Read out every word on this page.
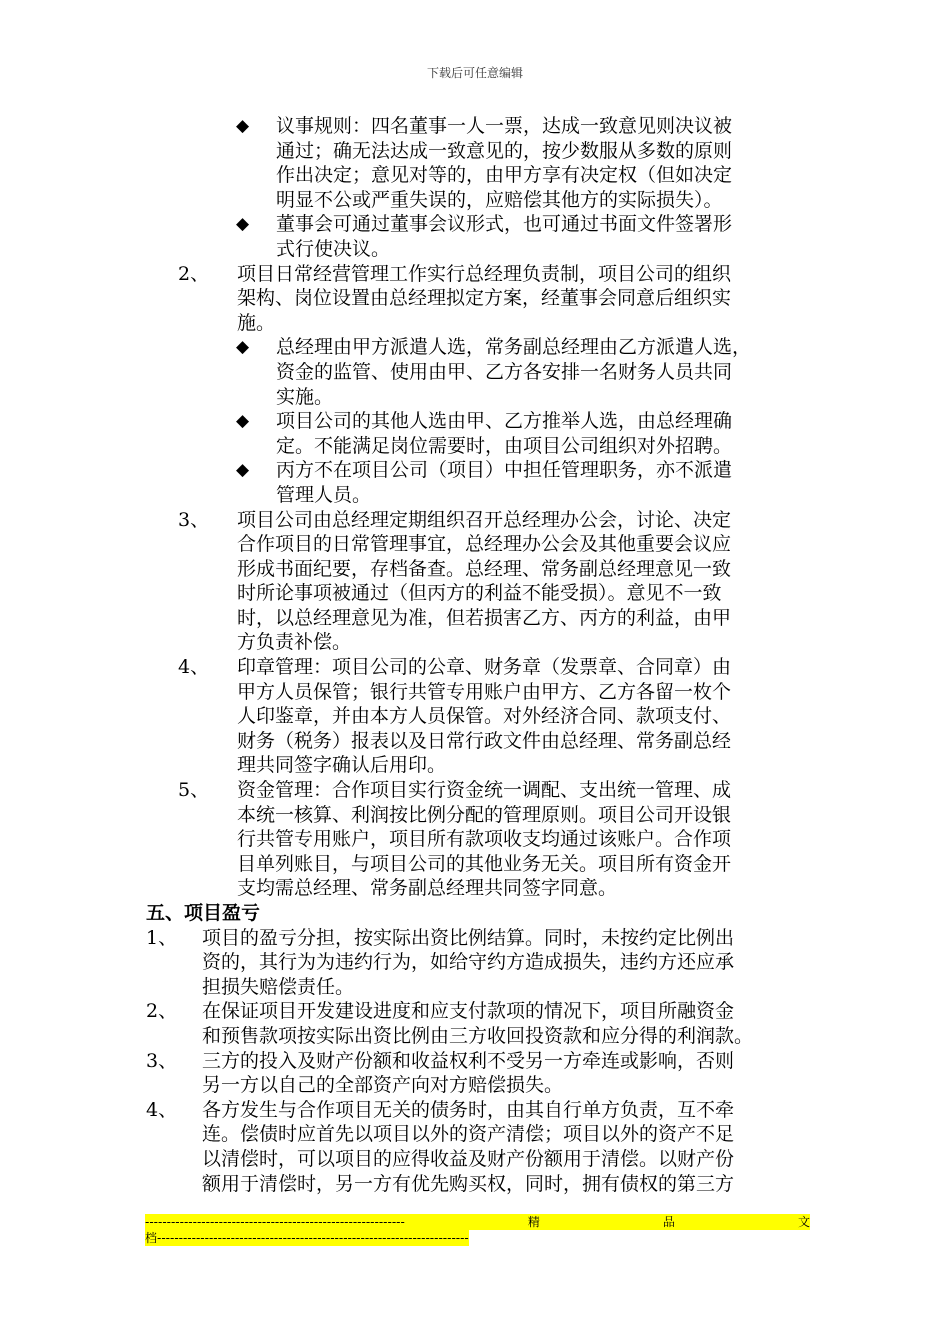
下载后可任意编辑
◆ 议事规则：四名董事一人一票，达成一致意见则决议被
通过；确无法达成一致意见的，按少数服从多数的原则
作出决定；意见对等的，由甲方享有决定权（但如决定
明显不公或严重失误的，应赔偿其他方的实际损失）。
◆ 董事会可通过董事会议形式，也可通过书面文件签署形
式行使决议。
2、 项目日常经营管理工作实行总经理负责制，项目公司的组织
架构、岗位设置由总经理拟定方案，经董事会同意后组织实
施。
◆ 总经理由甲方派遣人选，常务副总经理由乙方派遣人选，
资金的监管、使用由甲、乙方各安排一名财务人员共同
实施。
◆ 项目公司的其他人选由甲、乙方推举人选，由总经理确
定。不能满足岗位需要时，由项目公司组织对外招聘。
◆ 丙方不在项目公司（项目）中担任管理职务，亦不派遣
管理人员。
3、 项目公司由总经理定期组织召开总经理办公会，讨论、决定
合作项目的日常管理事宜，总经理办公会及其他重要会议应
形成书面纪要，存档备查。总经理、常务副总经理意见一致
时所论事项被通过（但丙方的利益不能受损）。意见不一致
时，以总经理意见为准，但若损害乙方、丙方的利益，由甲
方负责补偿。
4、 印章管理：项目公司的公章、财务章（发票章、合同章）由
甲方人员保管；银行共管专用账户由甲方、乙方各留一枚个
人印鉴章，并由本方人员保管。对外经济合同、款项支付、
财务（税务）报表以及日常行政文件由总经理、常务副总经
理共同签字确认后用印。
5、 资金管理：合作项目实行资金统一调配、支出统一管理、成
本统一核算、利润按比例分配的管理原则。项目公司开设银
行共管专用账户，项目所有款项收支均通过该账户。合作项
目单列账目，与项目公司的其他业务无关。项目所有资金开
支均需总经理、常务副总经理共同签字同意。
五、项目盈亏
1、 项目的盈亏分担，按实际出资比例结算。同时，未按约定比例出
资的，其行为为违约行为，如给守约方造成损失，违约方还应承
担损失赔偿责任。
2、 在保证项目开发建设进度和应支付款项的情况下，项目所融资金
和预售款项按实际出资比例由三方收回投资款和应分得的利润款。
3、 三方的投入及财产份额和收益权利不受另一方牵连或影响，否则
另一方以自己的全部资产向对方赔偿损失。
4、 各方发生与合作项目无关的债务时，由其自行单方负责，互不牵
连。偿债时应首先以项目以外的资产清偿；项目以外的资产不足
以清偿时，可以项目的应得收益及财产份额用于清偿。以财产份
额用于清偿时，另一方有优先购买权，同时，拥有债权的第三方
------------------------------------------------------------	精	品	文
档------------------------------------------------------------------------
